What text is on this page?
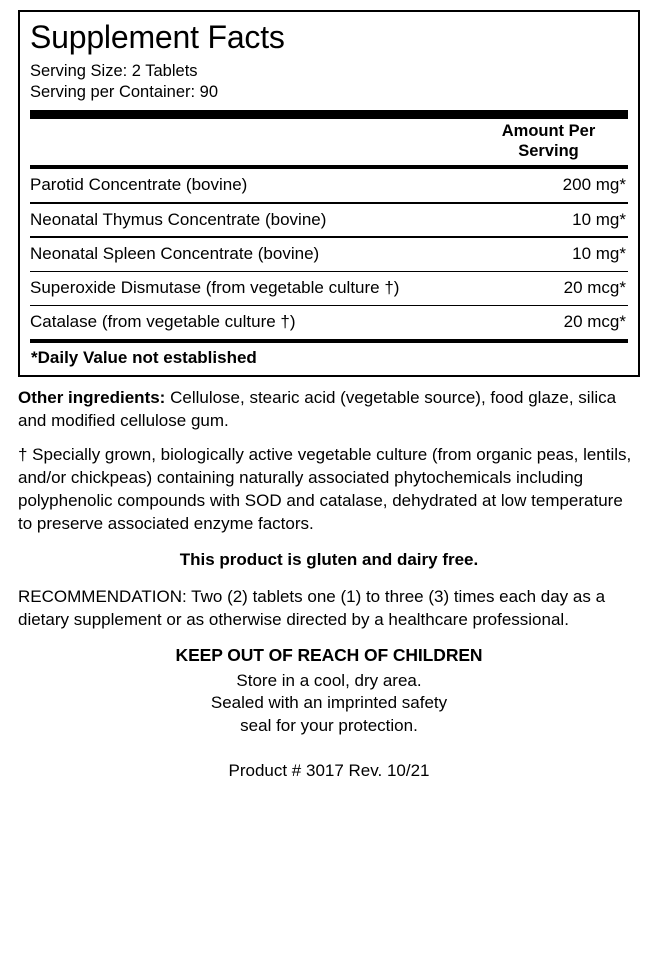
Supplement Facts
Serving Size: 2 Tablets
Serving per Container: 90
Amount Per
Serving
Parotid Concentrate (bovine)	200 mg*
Neonatal Thymus Concentrate (bovine)	10 mg*
Neonatal Spleen Concentrate (bovine)	10 mg*
Superoxide Dismutase (from vegetable culture †)	20 mcg*
Catalase (from vegetable culture †)	20 mcg*
*Daily Value not established

Other ingredients: Cellulose, stearic acid (vegetable source), food glaze, silica and modified cellulose gum.

† Specially grown, biologically active vegetable culture (from organic peas, lentils, and/or chickpeas) containing naturally associated phytochemicals including polyphenolic compounds with SOD and catalase, dehydrated at low temperature to preserve associated enzyme factors.

This product is gluten and dairy free.

RECOMMENDATION: Two (2) tablets one (1) to three (3) times each day as a dietary supplement or as otherwise directed by a healthcare professional.

KEEP OUT OF REACH OF CHILDREN
Store in a cool, dry area.
Sealed with an imprinted safety
seal for your protection.
Product # 3017 Rev. 10/21
